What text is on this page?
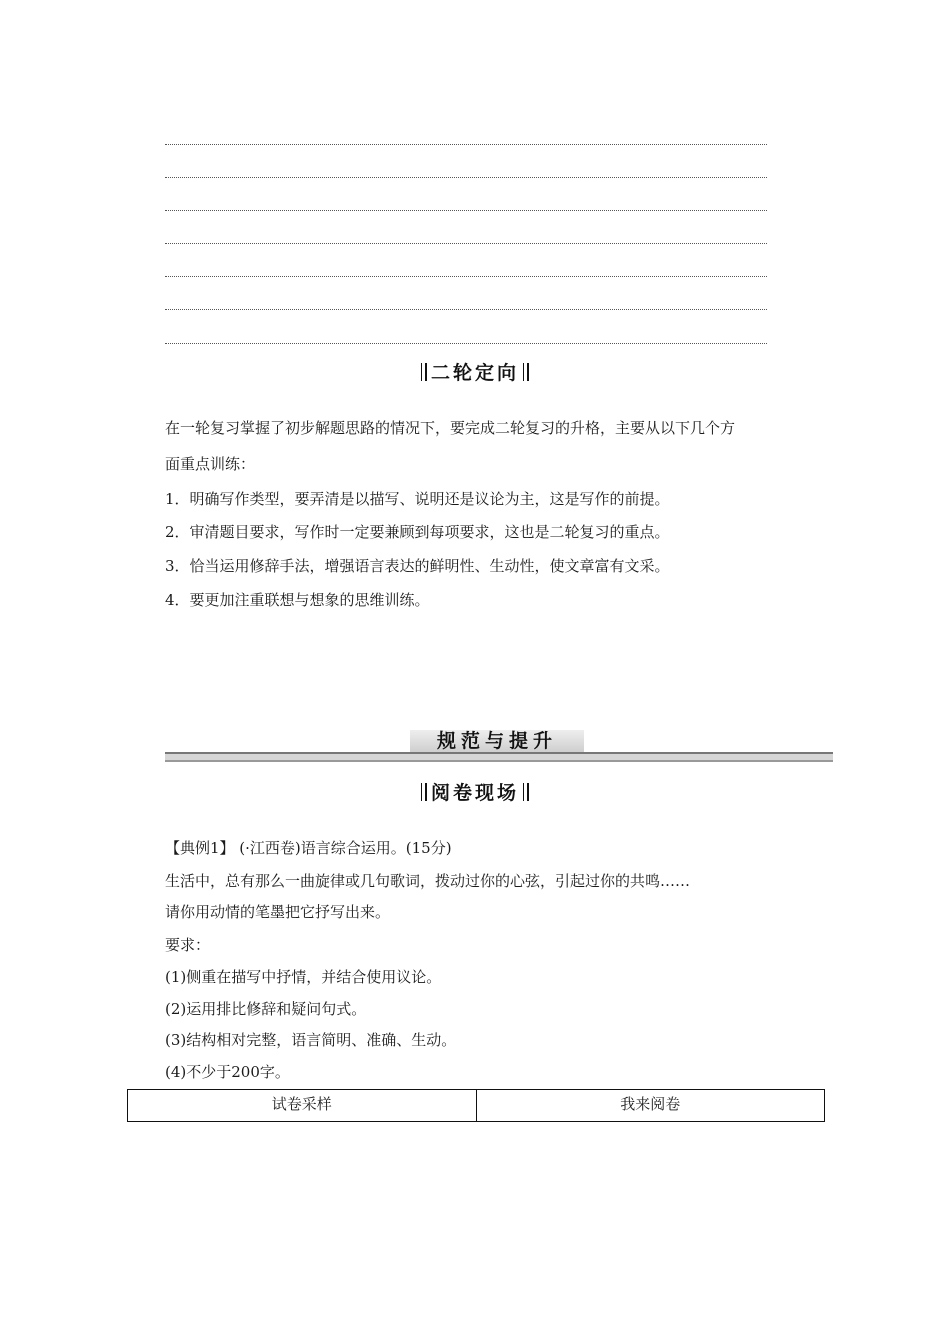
二轮定向
在一轮复习掌握了初步解题思路的情况下，要完成二轮复习的升格，主要从以下几个方
面重点训练：
1．明确写作类型，要弄清是以描写、说明还是议论为主，这是写作的前提。
2．审清题目要求，写作时一定要兼顾到每项要求，这也是二轮复习的重点。
3．恰当运用修辞手法，增强语言表达的鲜明性、生动性，使文章富有文采。
4．要更加注重联想与想象的思维训练。
规范与提升
阅卷现场
【典例1】 (·江西卷)语言综合运用。(15分)
生活中，总有那么一曲旋律或几句歌词，拨动过你的心弦，引起过你的共鸣……
请你用动情的笔墨把它抒写出来。
要求：
(1)侧重在描写中抒情，并结合使用议论。
(2)运用排比修辞和疑问句式。
(3)结构相对完整，语言简明、准确、生动。
(4)不少于200字。
试卷采样	我来阅卷
